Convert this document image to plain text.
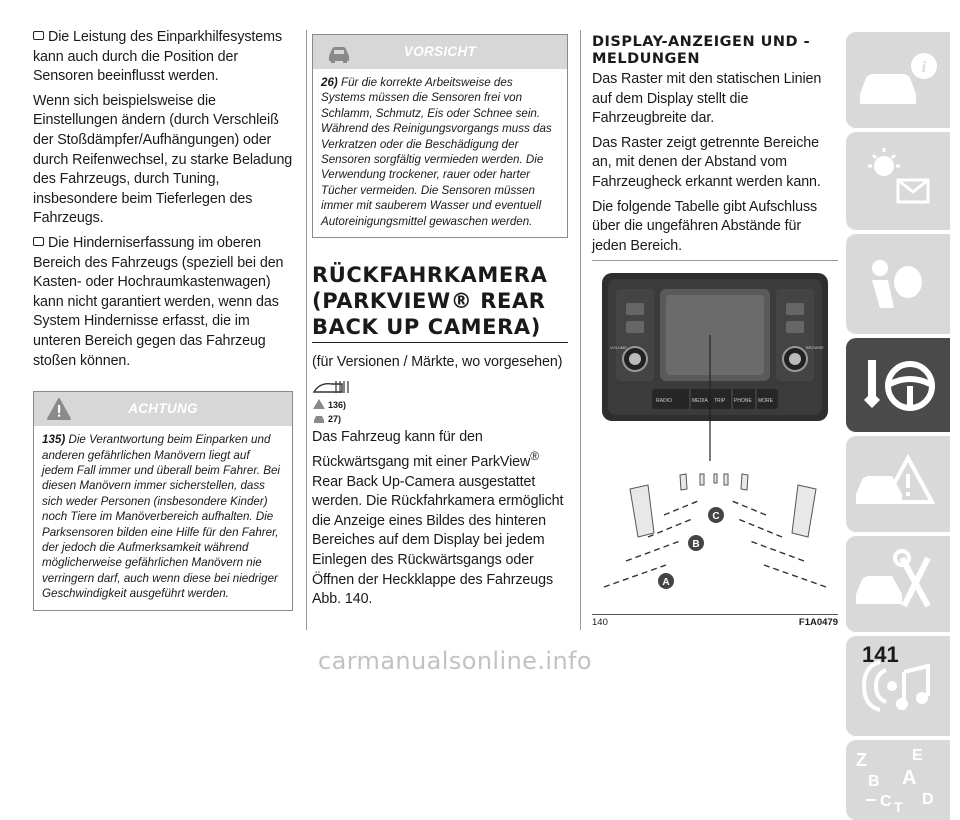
Die Leistung des Einparkhilfesystems kann auch durch die Position der Sensoren beeinflusst werden.

Wenn sich beispielsweise die Einstellungen ändern (durch Verschleiß der Stoßdämpfer/Aufhängungen) oder durch Reifenwechsel, zu starke Beladung des Fahrzeugs, durch Tuning, insbesondere beim Tieferlegen des Fahrzeugs.

Die Hinderniserfassung im oberen Bereich des Fahrzeugs (speziell bei den Kasten- oder Hochraumkastenwagen) kann nicht garantiert werden, wenn das System Hindernisse erfasst, die im unteren Bereich gegen das Fahrzeug stoßen können.

ACHTUNG
135) Die Verantwortung beim Einparken und anderen gefährlichen Manövern liegt auf jedem Fall immer und überall beim Fahrer. Bei diesen Manövern immer sicherstellen, dass sich weder Personen (insbesondere Kinder) noch Tiere im Manöverbereich aufhalten. Die Parksensoren bilden eine Hilfe für den Fahrer, der jedoch die Aufmerksamkeit während möglicherweise gefährlichen Manövern nie verringern darf, auch wenn diese bei niedriger Geschwindigkeit ausgeführt werden.
VORSICHT
26) Für die korrekte Arbeitsweise des Systems müssen die Sensoren frei von Schlamm, Schmutz, Eis oder Schnee sein. Während des Reinigungsvorgangs muss das Verkratzen oder die Beschädigung der Sensoren sorgfältig vermieden werden. Die Verwendung trockener, rauer oder harter Tücher vermeiden. Die Sensoren müssen immer mit sauberem Wasser und eventuell Autoreinigungsmittel gewaschen werden.
RÜCKFAHRKAMERA (PARKVIEW® REAR BACK UP CAMERA)

(für Versionen / Märkte, wo vorgesehen)

136)
27)

Das Fahrzeug kann für den Rückwärtsgang mit einer ParkView® Rear Back Up-Camera ausgestattet werden. Die Rückfahrkamera ermöglicht die Anzeige eines Bildes des hinteren Bereiches auf dem Display bei jedem Einlegen des Rückwärtsgangs oder Öffnen der Heckklappe des Fahrzeugs Abb. 140.

DISPLAY-ANZEIGEN UND -MELDUNGEN

Das Raster mit den statischen Linien auf dem Display stellt die Fahrzeugbreite dar.

Das Raster zeigt getrennte Bereiche an, mit denen der Abstand vom Fahrzeugheck erkannt werden kann.

Die folgende Tabelle gibt Aufschluss über die ungefähren Abstände für jeden Bereich.

VOLUME	BROWSE
RADIO	MEDIA TRIP PHONE MORE
C
B
A
140	F1A0479
i
Z	E
B A
C T D
141
carmanualsonline.info
